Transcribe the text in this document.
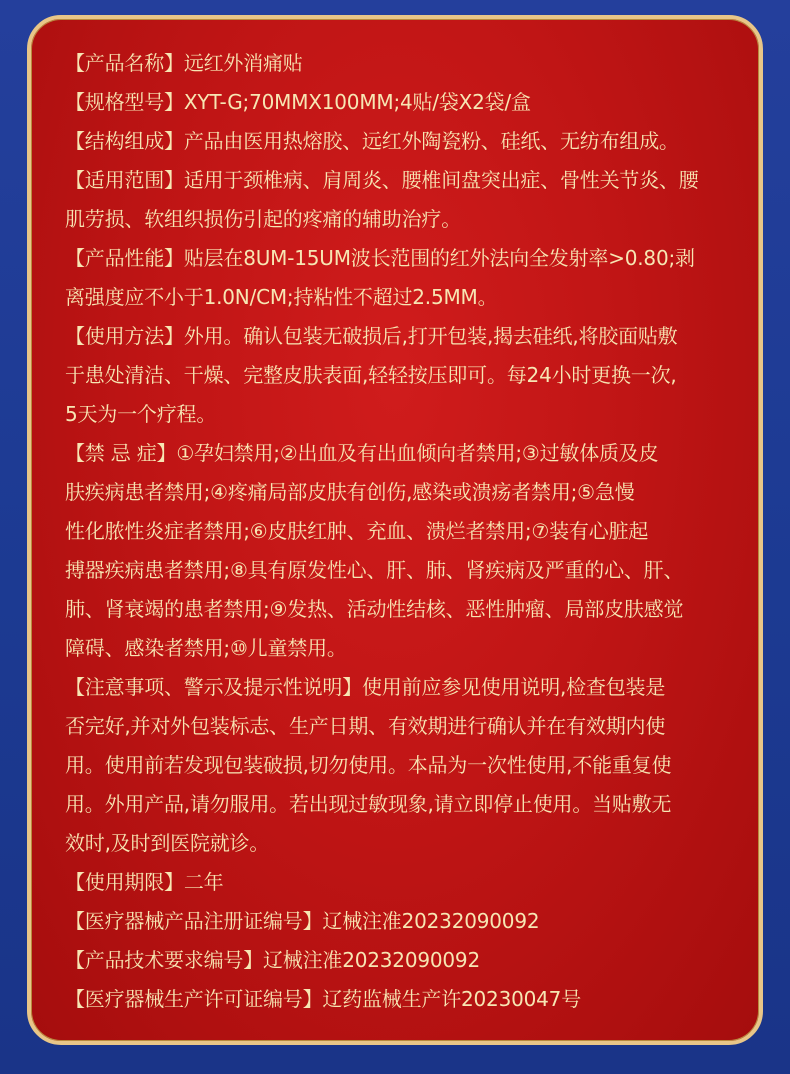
【产品名称】远红外消痛贴

【规格型号】XYT-G;70MMX100MM;4贴/袋X2袋/盒

【结构组成】产品由医用热熔胶、远红外陶瓷粉、硅纸、无纺布组成。

【适用范围】适用于颈椎病、肩周炎、腰椎间盘突出症、骨性关节炎、腰
肌劳损、软组织损伤引起的疼痛的辅助治疗。

【产品性能】贴层在8UM-15UM波长范围的红外法向全发射率>0.80;剥
离强度应不小于1.0N/CM;持粘性不超过2.5MM。

【使用方法】外用。确认包装无破损后,打开包装,揭去硅纸,将胶面贴敷
于患处清洁、干燥、完整皮肤表面,轻轻按压即可。每24小时更换一次,
5天为一个疗程。

【禁 忌 症】①孕妇禁用;②出血及有出血倾向者禁用;③过敏体质及皮
肤疾病患者禁用;④疼痛局部皮肤有创伤,感染或溃疡者禁用;⑤急慢
性化脓性炎症者禁用;⑥皮肤红肿、充血、溃烂者禁用;⑦装有心脏起
搏器疾病患者禁用;⑧具有原发性心、肝、肺、肾疾病及严重的心、肝、
肺、肾衰竭的患者禁用;⑨发热、活动性结核、恶性肿瘤、局部皮肤感觉
障碍、感染者禁用;⑩儿童禁用。

【注意事项、警示及提示性说明】使用前应参见使用说明,检查包装是
否完好,并对外包装标志、生产日期、有效期进行确认并在有效期内使
用。使用前若发现包装破损,切勿使用。本品为一次性使用,不能重复使
用。外用产品,请勿服用。若出现过敏现象,请立即停止使用。当贴敷无
效时,及时到医院就诊。

【使用期限】二年

【医疗器械产品注册证编号】辽械注准20232090092

【产品技术要求编号】辽械注准20232090092

【医疗器械生产许可证编号】辽药监械生产许20230047号
